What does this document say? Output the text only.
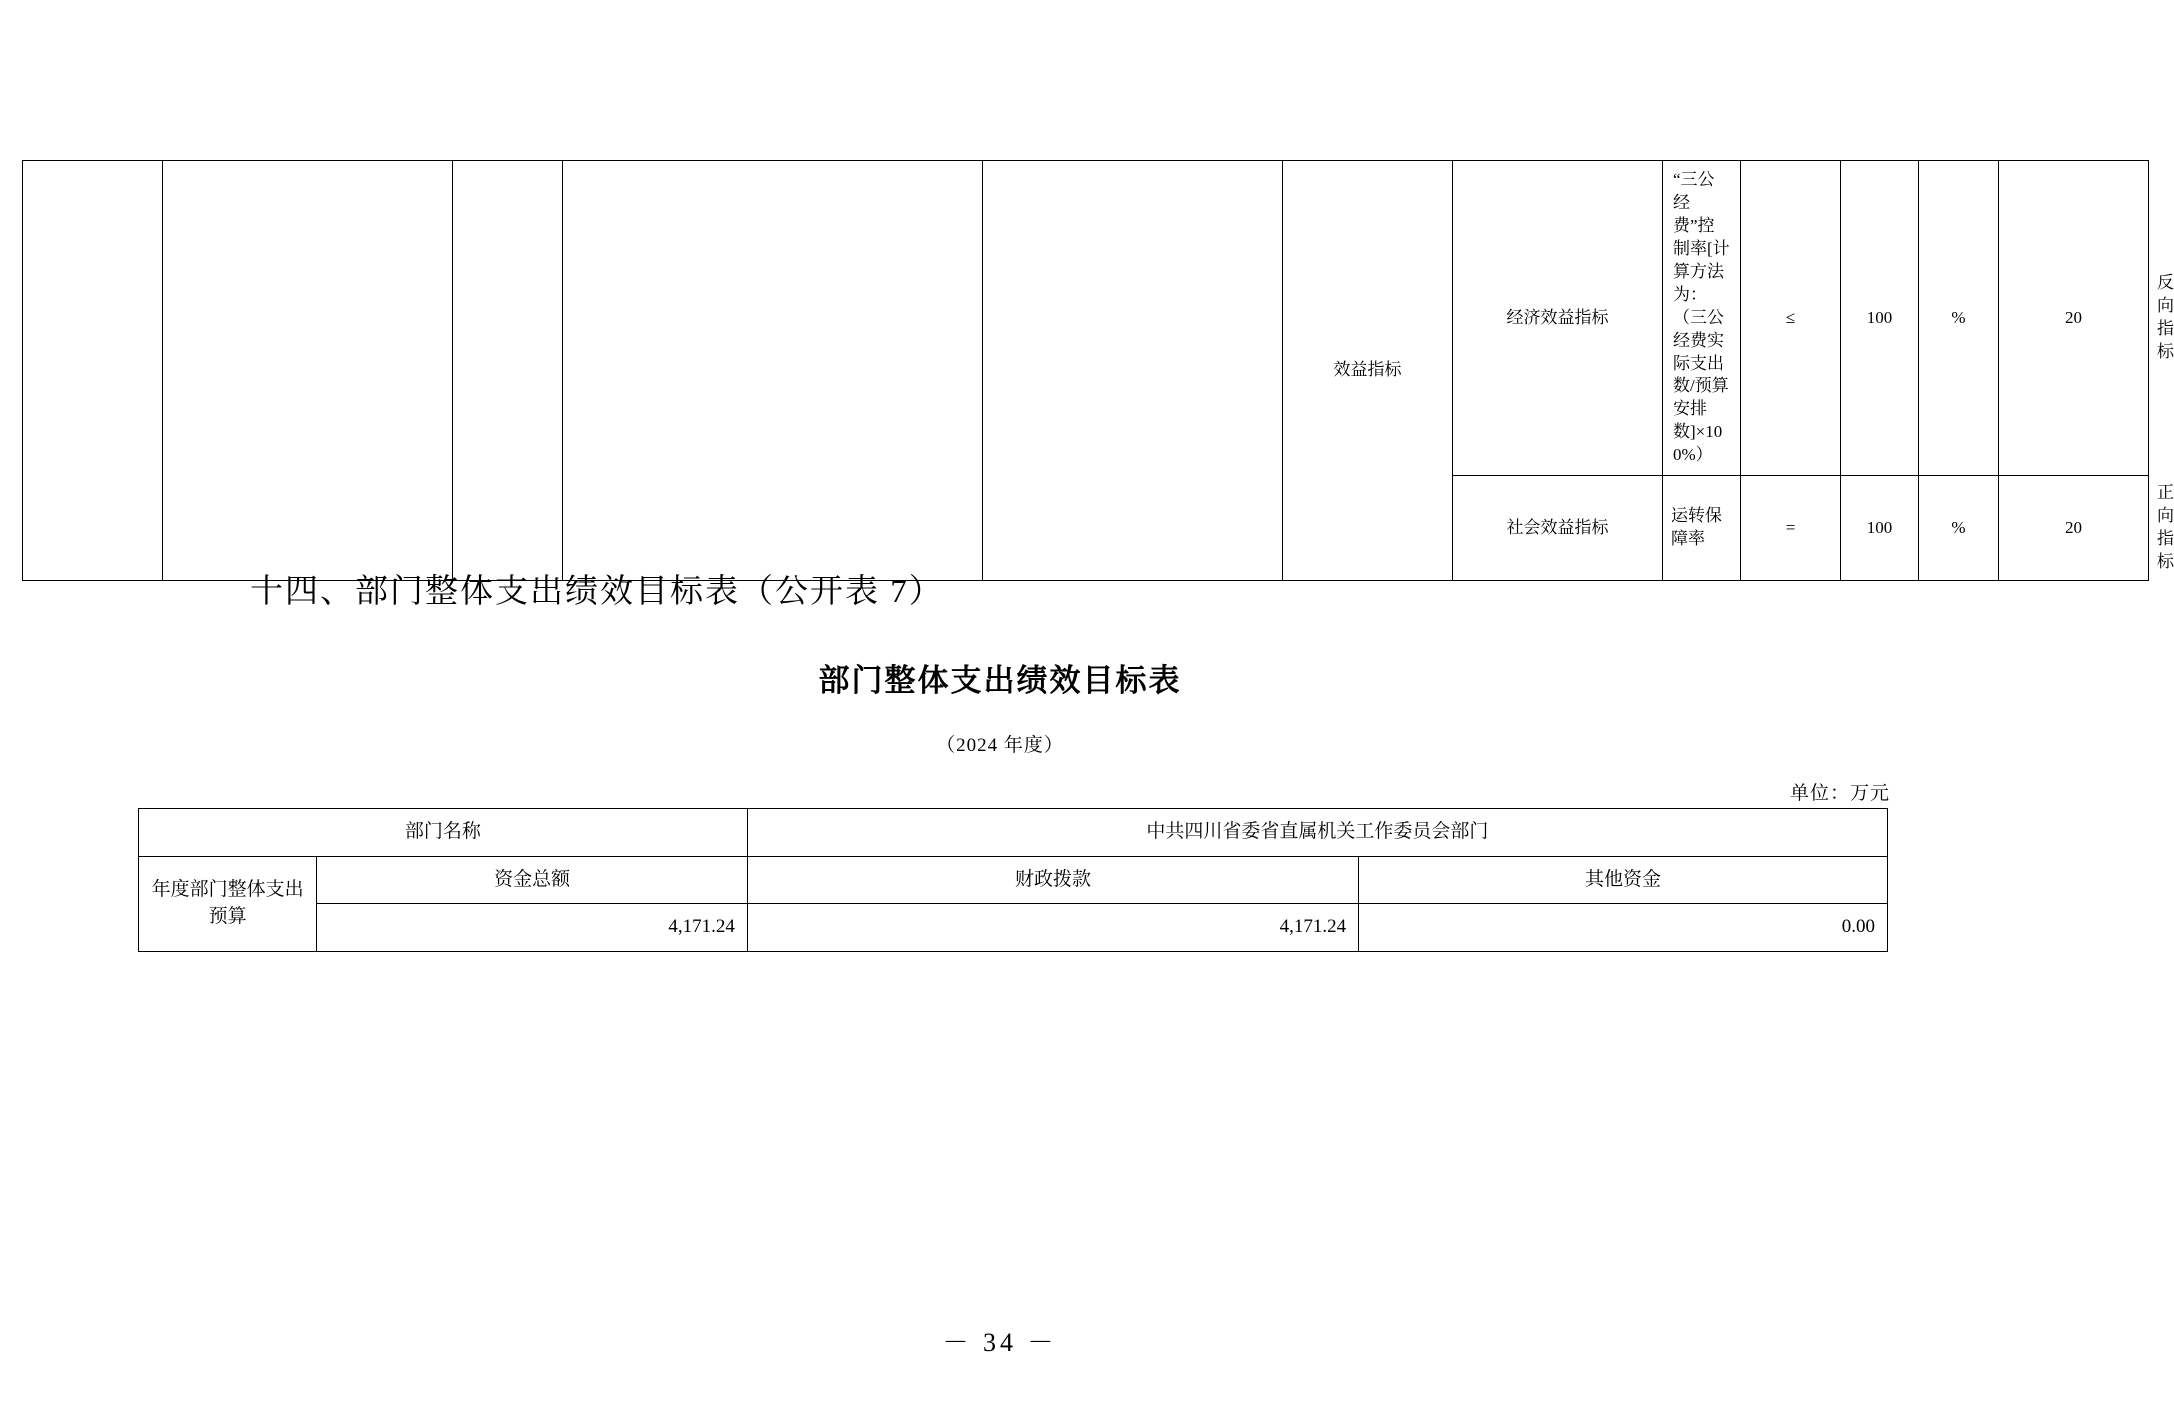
					效益指标	经济效益指标	“三公经费”控制率[计算方法为：（三公经费实际支出数/预算安排数]×100%）	≤	100	%	20	反向指标
						社会效益指标	运转保障率	=	100	%	20	正向指标
十四、部门整体支出绩效目标表（公开表 7）
部门整体支出绩效目标表
（2024 年度）
单位：万元
部门名称		中共四川省委省直属机关工作委员会部门	
年度部门整体支出预算	资金总额	财政拨款	其他资金
	4,171.24	4,171.24	0.00
－ 34 －
